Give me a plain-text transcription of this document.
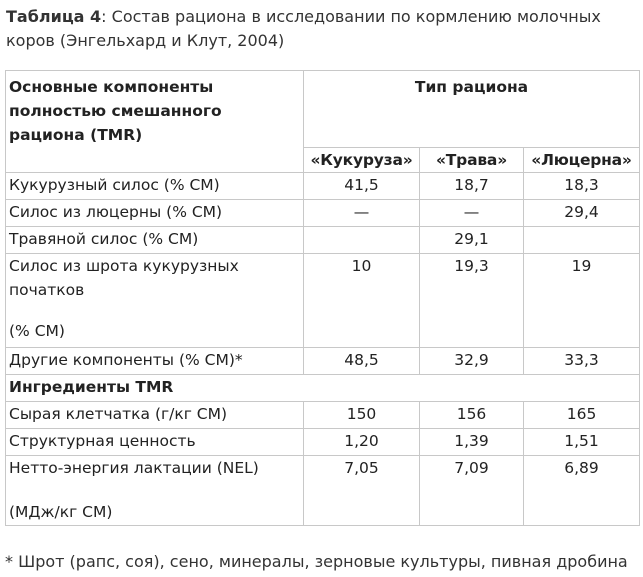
Таблица 4: Состав рациона в исследовании по кормлению молочных коров (Энгельхард и Клут, 2004)
Основные компоненты полностью смешанного рациона (TMR)	Тип рациона		
	«Кукуруза»	«Трава»	«Люцерна»
Кукурузный силос (% СМ)	41,5	18,7	18,3
Силос из люцерны (% СМ)	—	—	29,4
Травяной силос (% СМ)		29,1	

Силос из шрота кукурузных
початков
(% СМ)	10	19,3	19
Другие компоненты (% СМ)*	48,5	32,9	33,3
Ингредиенты TMR			
Сырая клетчатка (г/кг СМ)	150	156	165
Структурная ценность	1,20	1,39	1,51

Нетто-энергия лактации (NEL)
(МДж/кг СМ)	7,05	7,09	6,89
* Шрот (рапс, соя), сено, минералы, зерновые культуры, пивная дробина
